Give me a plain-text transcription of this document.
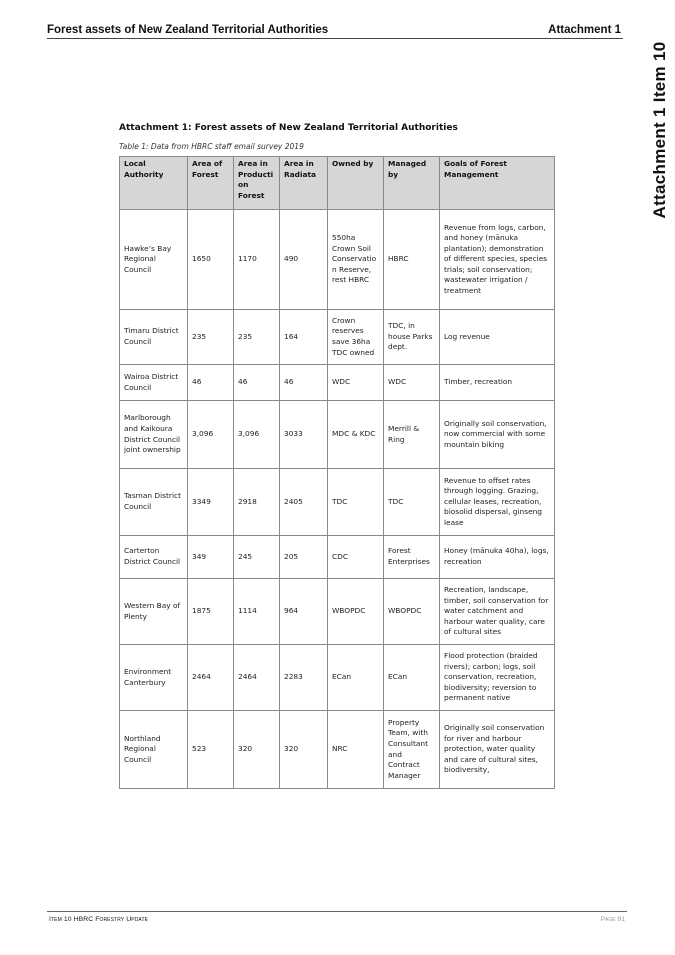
Forest assets of New Zealand Territorial Authorities	Attachment 1
Attachment 1 Item 10
Attachment 1: Forest assets of New Zealand Territorial Authorities
Table 1: Data from HBRC staff email survey 2019
Local Authority	Area of Forest	Area in Production Forest	Area in Radiata	Owned by	Managed by	Goals of Forest Management
Hawke’s Bay Regional Council	1650	1170	490	550ha Crown Soil Conservation Reserve, rest HBRC	HBRC	Revenue from logs, carbon, and honey (mānuka plantation); demonstration of different species, species trials; soil conservation; wastewater irrigation / treatment
Timaru District Council	235	235	164	Crown reserves save 36ha TDC owned	TDC, in house Parks dept.	Log revenue
Wairoa District Council	46	46	46	WDC	WDC	Timber, recreation
Marlborough and Kaikoura District Council joint ownership	3,096	3,096	3033	MDC & KDC	Merrill & Ring	Originally soil conservation, now commercial with some mountain biking
Tasman District Council	3349	2918	2405	TDC	TDC	Revenue to offset rates through logging. Grazing, cellular leases, recreation, biosolid dispersal, ginseng lease
Carterton District Council	349	245	205	CDC	Forest Enterprises	Honey (mānuka 40ha), logs, recreation
Western Bay of Plenty	1875	1114	964	WBOPDC	WBOPDC	Recreation, landscape, timber, soil conservation for water catchment and harbour water quality, care of cultural sites
Environment Canterbury	2464	2464	2283	ECan	ECan	Flood protection (braided rivers); carbon; logs, soil conservation, recreation, biodiversity; reversion to permanent native
Northland Regional Council	523	320	320	NRC	Property Team, with Consultant and Contract Manager	Originally soil conservation for river and harbour protection, water quality and care of cultural sites, biodiversity,
Item 10 HBRC Forestry Update	Page 91
